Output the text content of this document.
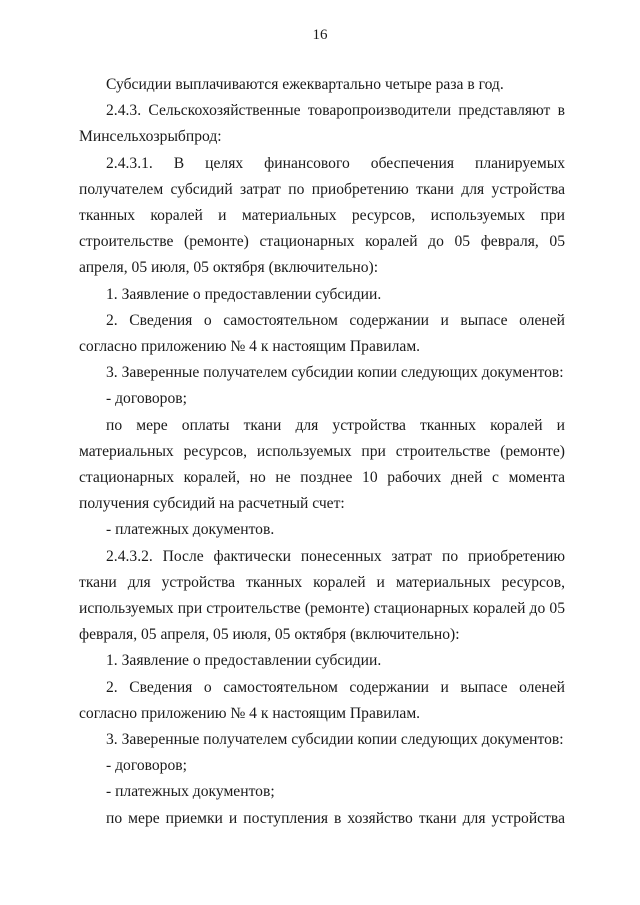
16

Субсидии выплачиваются ежеквартально четыре раза в год.

2.4.3. Сельскохозяйственные товаропроизводители представляют в Минсельхозрыбпрод:

2.4.3.1. В целях финансового обеспечения планируемых получателем субсидий затрат по приобретению ткани для устройства тканных коралей и материальных ресурсов, используемых при строительстве (ремонте) стационарных коралей до 05 февраля, 05 апреля, 05 июля, 05 октября (включительно):

1. Заявление о предоставлении субсидии.

2. Сведения о самостоятельном содержании и выпасе оленей согласно приложению № 4 к настоящим Правилам.

3. Заверенные получателем субсидии копии следующих документов:

- договоров;

по мере оплаты ткани для устройства тканных коралей и материальных ресурсов, используемых при строительстве (ремонте) стационарных коралей, но не позднее 10 рабочих дней с момента получения субсидий на расчетный счет:

- платежных документов.

2.4.3.2. После фактически понесенных затрат по приобретению ткани для устройства тканных коралей и материальных ресурсов, используемых при строительстве (ремонте) стационарных коралей до 05 февраля, 05 апреля, 05 июля, 05 октября (включительно):

1. Заявление о предоставлении субсидии.

2. Сведения о самостоятельном содержании и выпасе оленей согласно приложению № 4 к настоящим Правилам.

3. Заверенные получателем субсидии копии следующих документов:

- договоров;

- платежных документов;

по мере приемки и поступления в хозяйство ткани для устройства
